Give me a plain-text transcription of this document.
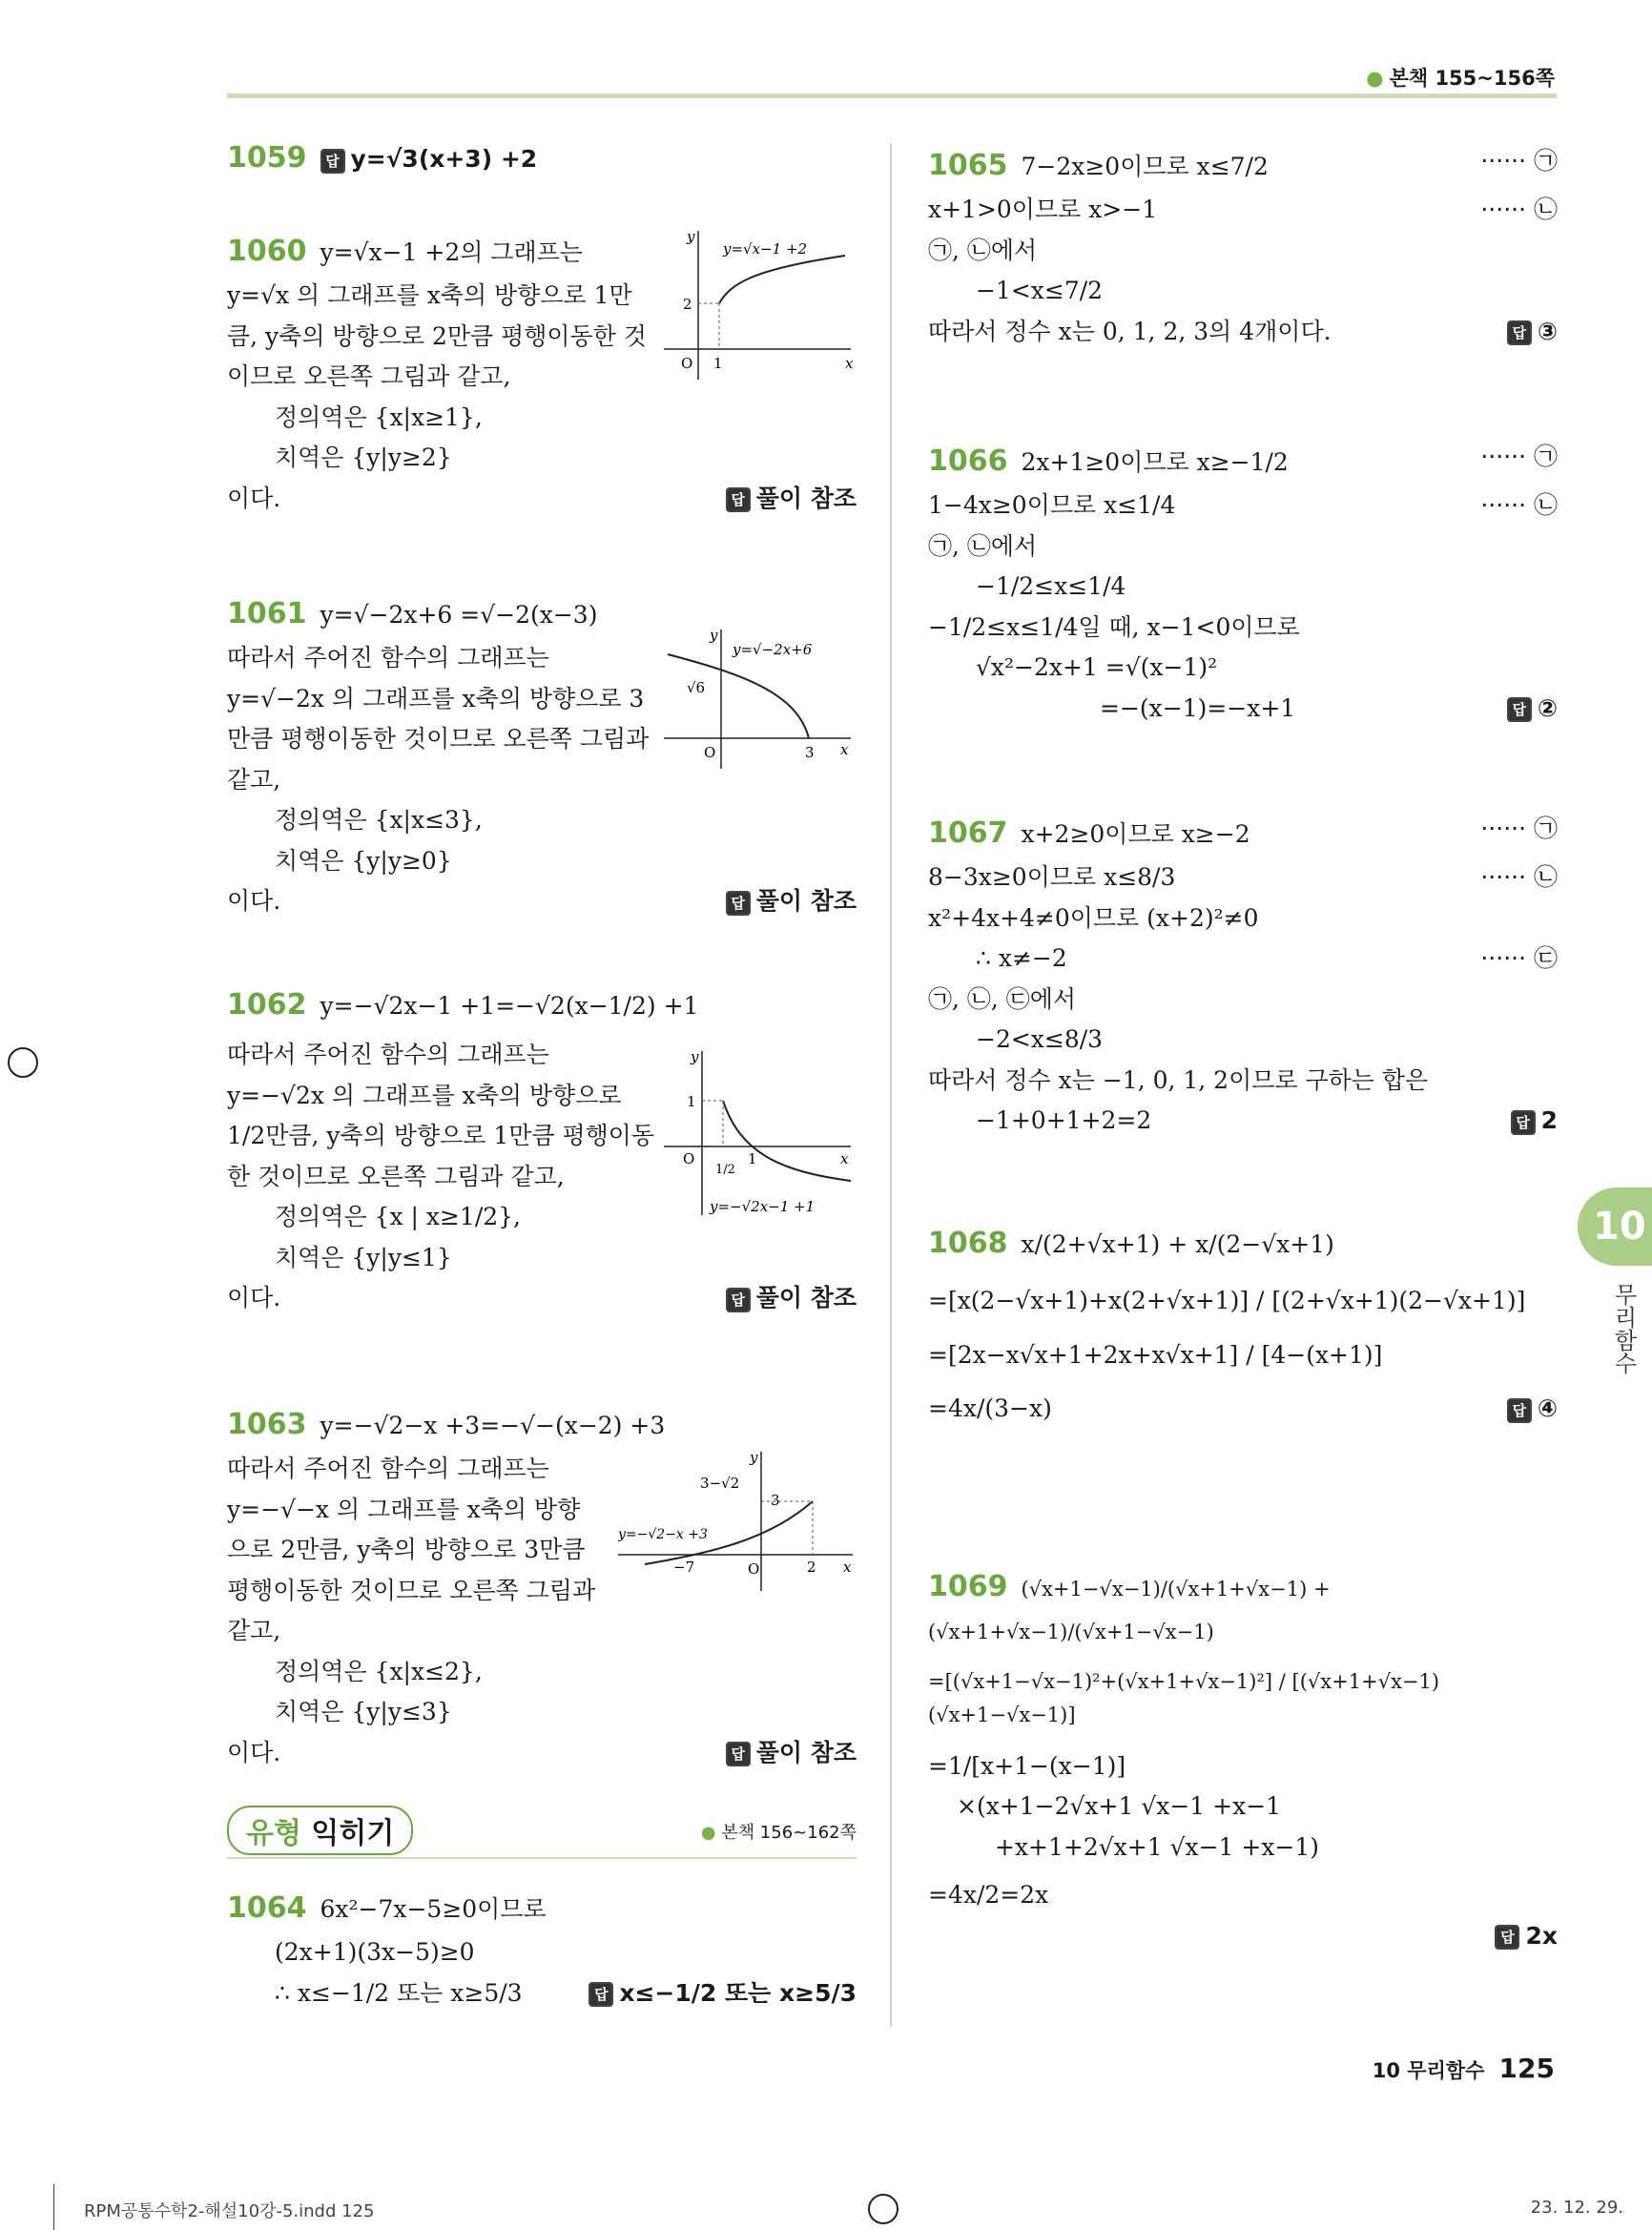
● 본책 155~156쪽
1059 답 y=√3(x+3) +2
1060 y=√x−1 +2의 그래프는
y=√x 의 그래프를 x축의 방향으로 1만
큼, y축의 방향으로 2만큼 평행이동한 것
이므로 오른쪽 그림과 같고,
정의역은 {x|x≥1},
치역은 {y|y≥2}
이다.	답 풀이 참조
y
x
O 1
2
y=√x−1 +2
1061 y=√−2x+6 =√−2(x−3)
따라서 주어진 함수의 그래프는
y=√−2x 의 그래프를 x축의 방향으로 3
만큼 평행이동한 것이므로 오른쪽 그림과
같고,
정의역은 {x|x≤3},
치역은 {y|y≥0}
이다.	답 풀이 참조
y
x
O	3
√6
y=√−2x+6
1062 y=−√2x−1 +1=−√2(x−1/2) +1
따라서 주어진 함수의 그래프는
y=−√2x 의 그래프를 x축의 방향으로
1/2만큼, y축의 방향으로 1만큼 평행이동
한 것이므로 오른쪽 그림과 같고,
정의역은 {x | x≥1/2},
치역은 {y|y≤1}
이다.	답 풀이 참조
y
x
O
1
1
1/2
y=−√2x−1 +1
1063 y=−√2−x +3=−√−(x−2) +3
따라서 주어진 함수의 그래프는
y=−√−x 의 그래프를 x축의 방향
으로 2만큼, y축의 방향으로 3만큼
평행이동한 것이므로 오른쪽 그림과
같고,
정의역은 {x|x≤2},
치역은 {y|y≤3}
이다.	답 풀이 참조
y
x
O
−7	2
3
3−√2
y=−√2−x +3
유형 익히기	● 본책 156~162쪽
1064 6x²−7x−5≥0이므로
(2x+1)(3x−5)≥0
∴ x≤−1/2 또는 x≥5/3	답 x≤−1/2 또는 x≥5/3
1065 7−2x≥0이므로 x≤7/2	······ ㉠
x+1>0이므로 x>−1	······ ㉡
㉠, ㉡에서
−1<x≤7/2
따라서 정수 x는 0, 1, 2, 3의 4개이다.	답 ③
1066 2x+1≥0이므로 x≥−1/2	······ ㉠
1−4x≥0이므로 x≤1/4	······ ㉡
㉠, ㉡에서
−1/2≤x≤1/4
−1/2≤x≤1/4일 때, x−1<0이므로
√x²−2x+1 =√(x−1)²
=−(x−1)=−x+1	답 ②
1067 x+2≥0이므로 x≥−2	······ ㉠
8−3x≥0이므로 x≤8/3	······ ㉡
x²+4x+4≠0이므로 (x+2)²≠0
∴ x≠−2	······ ㉢
㉠, ㉡, ㉢에서
−2<x≤8/3
따라서 정수 x는 −1, 0, 1, 2이므로 구하는 합은
−1+0+1+2=2	답 2
1068 x/(2+√x+1) + x/(2−√x+1)
=[x(2−√x+1)+x(2+√x+1)] / [(2+√x+1)(2−√x+1)]
=[2x−x√x+1+2x+x√x+1] / [4−(x+1)]
=4x/(3−x)	답 ④
1069 (√x+1−√x−1)/(√x+1+√x−1) + (√x+1+√x−1)/(√x+1−√x−1)
=[(√x+1−√x−1)²+(√x+1+√x−1)²] / [(√x+1+√x−1)(√x+1−√x−1)]
=1/[x+1−(x−1)]
×(x+1−2√x+1 √x−1 +x−1
+x+1+2√x+1 √x−1 +x−1)
=4x/2=2x
답 2x
10
무리함수
10 무리함수 125
RPM공통수학2-해설10강-5.indd 125	23. 12. 29.
